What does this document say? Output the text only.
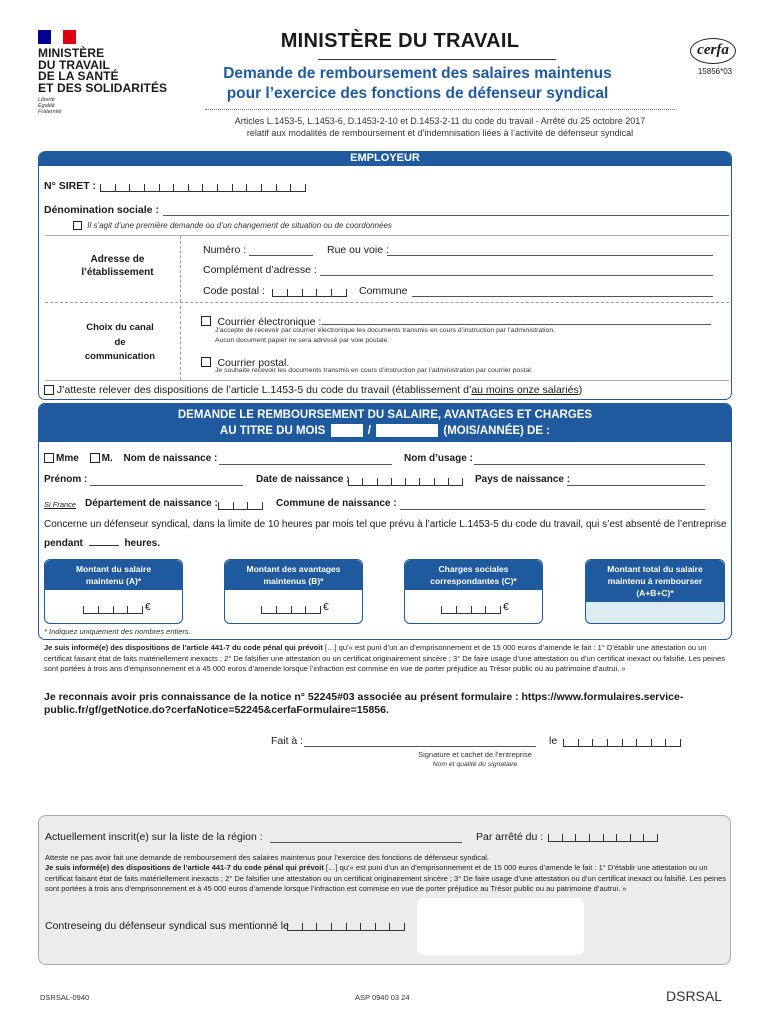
MINISTÈRE
DU TRAVAIL
DE LA SANTÉ
ET DES SOLIDARITÉS
Liberté
Égalité
Fraternité
MINISTÈRE DU TRAVAIL
Demande de remboursement des salaires maintenus
pour l’exercice des fonctions de défenseur syndical
Articles L.1453-5, L.1453-6, D.1453-2-10 et D.1453-2-11 du code du travail - Arrêté du 25 octobre 2017
relatif aux modalités de remboursement et d’indemnisation liées à l’activité de défenseur syndical
cerfa
15856*03
EMPLOYEUR
N° SIRET :
Dénomination sociale :
Il s’agit d’une première demande ou d’un changement de situation ou de coordonnées
Adresse de
l’établissement
Numéro :	Rue ou voie :
Complément d’adresse :
Code postal :	Commune
Choix du canal
de
communication
Courrier électronique :
J’accepte de recevoir par courrier électronique les documents transmis en cours d’instruction par l’administration.
Aucun document papier ne sera adressé par voie postale.
Courrier postal.
Je souhaite recevoir les documents transmis en cours d’instruction par l’administration par courrier postal.
J’atteste relever des dispositions de l’article L.1453-5 du code du travail (établissement d’au moins onze salariés)
DEMANDE LE REMBOURSEMENT DU SALAIRE, AVANTAGES ET CHARGES
AU TITRE DU MOIS	/	(MOIS/ANNÉE) DE :
Mme M. Nom de naissance :	Nom d’usage :
Prénom :	Date de naissance :	Pays de naissance :
Si France Département de naissance :	Commune de naissance :
Concerne un défenseur syndical, dans la limite de 10 heures par mois tel que prévu à l’article L.1453-5 du code du travail, qui s’est absenté de l’entreprise
pendant	heures.
Montant du salaire
maintenu (A)*
€
Montant des avantages
maintenus (B)*
€
Charges sociales
correspondantes (C)*
€
Montant total du salaire
maintenu à rembourser (A+B+C)*
* Indiquez uniquement des nombres entiers.
Je suis informé(e) des dispositions de l’article 441-7 du code pénal qui prévoit […] qu’« est puni d’un an d’emprisonnement et de 15 000 euros d’amende le fait : 1° D’établir une attestation ou un certificat faisant état de faits matériellement inexacts ; 2° De falsifier une attestation ou un certificat originairement sincère ; 3° De faire usage d’une attestation ou d’un certificat inexact ou falsifié. Les peines sont portées à trois ans d’emprisonnement et à 45 000 euros d’amende lorsque l’infraction est commise en vue de porter préjudice au Trésor public ou au patrimoine d’autrui. »
Je reconnais avoir pris connaissance de la notice n° 52245#03 associée au présent formulaire : https://www.formulaires.service-public.fr/gf/getNotice.do?cerfaNotice=52245&cerfaFormulaire=15856.
Fait à :	le
Signature et cachet de l’entreprise
Nom et qualité du signataire
Actuellement inscrit(e) sur la liste de la région :	Par arrêté du :
Atteste ne pas avoir fait une demande de remboursement des salaires maintenus pour l’exercice des fonctions de défenseur syndical.
Je suis informé(e) des dispositions de l’article 441-7 du code pénal qui prévoit […] qu’« est puni d’un an d’emprisonnement et de 15 000 euros d’amende le fait : 1° D’établir une attestation ou un certificat faisant état de faits matériellement inexacts ; 2° De falsifier une attestation ou un certificat originairement sincère ; 3° De faire usage d’une attestation ou d’un certificat inexact ou falsifié. Les peines sont portées à trois ans d’emprisonnement et à 45 000 euros d’amende lorsque l’infraction est commise en vue de porter préjudice au Trésor public ou au patrimoine d’autrui. »
Contreseing du défenseur syndical sus mentionné le
DSRSAL-0940	ASP 0940 03 24	DSRSAL
